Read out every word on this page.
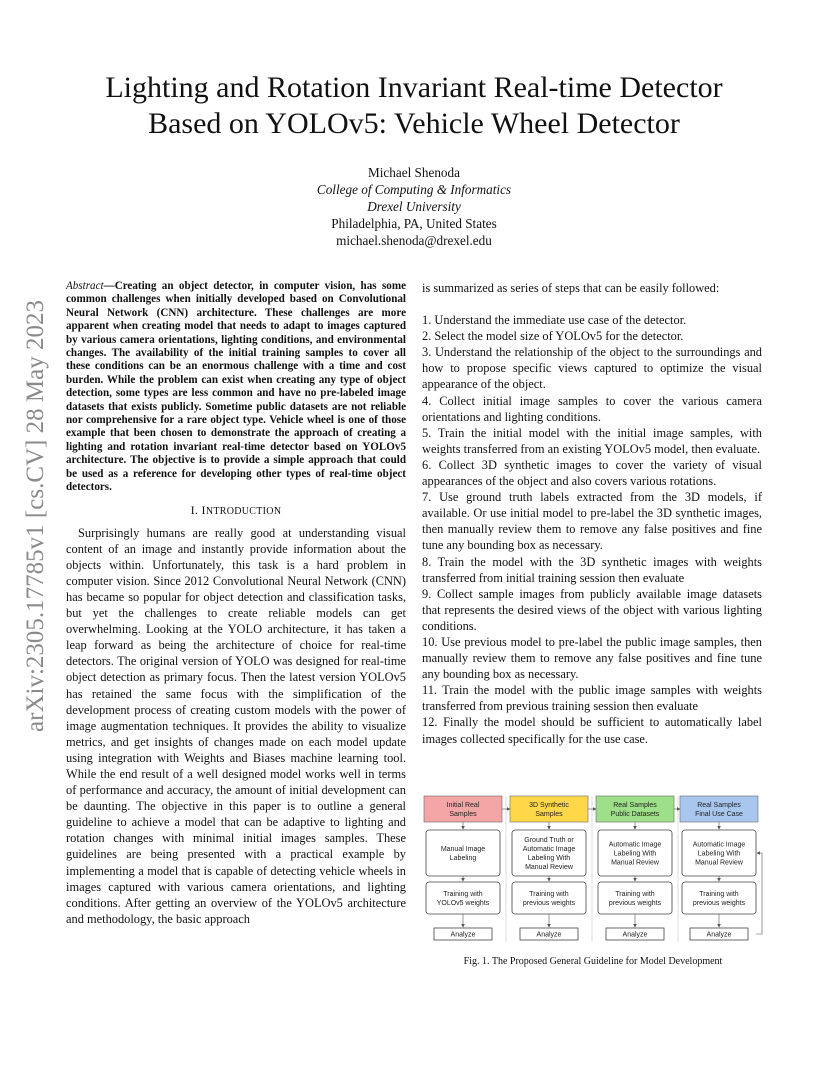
arXiv:2305.17785v1 [cs.CV] 28 May 2023
Lighting and Rotation Invariant Real-time Detector
Based on YOLOv5: Vehicle Wheel Detector
Michael Shenoda
College of Computing & Informatics
Drexel University
Philadelphia, PA, United States
michael.shenoda@drexel.edu

Abstract—Creating an object detector, in computer vision, has some common challenges when initially developed based on Convolutional Neural Network (CNN) architecture. These challenges are more apparent when creating model that needs to adapt to images captured by various camera orientations, lighting conditions, and environmental changes. The availability of the initial training samples to cover all these conditions can be an enormous challenge with a time and cost burden. While the problem can exist when creating any type of object detection, some types are less common and have no pre-labeled image datasets that exists publicly. Sometime public datasets are not reliable nor comprehensive for a rare object type. Vehicle wheel is one of those example that been chosen to demonstrate the approach of creating a lighting and rotation invariant real-time detector based on YOLOv5 architecture. The objective is to provide a simple approach that could be used as a reference for developing other types of real-time object detectors.

I. INTRODUCTION

Surprisingly humans are really good at understanding visual content of an image and instantly provide information about the objects within. Unfortunately, this task is a hard problem in computer vision. Since 2012 Convolutional Neural Network (CNN) has became so popular for object detection and classification tasks, but yet the challenges to create reliable models can get overwhelming. Looking at the YOLO architecture, it has taken a leap forward as being the architecture of choice for real-time detectors. The original version of YOLO was designed for real-time object detection as primary focus. Then the latest version YOLOv5 has retained the same focus with the simplification of the development process of creating custom models with the power of image augmentation techniques. It provides the ability to visualize metrics, and get insights of changes made on each model update using integration with Weights and Biases machine learning tool. While the end result of a well designed model works well in terms of performance and accuracy, the amount of initial development can be daunting. The objective in this paper is to outline a general guideline to achieve a model that can be adaptive to lighting and rotation changes with minimal initial images samples. These guidelines are being presented with a practical example by implementing a model that is capable of detecting vehicle wheels in images captured with various camera orientations, and lighting conditions. After getting an overview of the YOLOv5 architecture and methodology, the basic approach

is summarized as series of steps that can be easily followed:

1. Understand the immediate use case of the detector.
2. Select the model size of YOLOv5 for the detector.
3. Understand the relationship of the object to the surroundings and how to propose specific views captured to optimize the visual appearance of the object.
4. Collect initial image samples to cover the various camera orientations and lighting conditions.
5. Train the initial model with the initial image samples, with weights transferred from an existing YOLOv5 model, then evaluate.
6. Collect 3D synthetic images to cover the variety of visual appearances of the object and also covers various rotations.
7. Use ground truth labels extracted from the 3D models, if available. Or use initial model to pre-label the 3D synthetic images, then manually review them to remove any false positives and fine tune any bounding box as necessary.
8. Train the model with the 3D synthetic images with weights transferred from initial training session then evaluate
9. Collect sample images from publicly available image datasets that represents the desired views of the object with various lighting conditions.
10. Use previous model to pre-label the public image samples, then manually review them to remove any false positives and fine tune any bounding box as necessary.
11. Train the model with the public image samples with weights transferred from previous training session then evaluate
12. Finally the model should be sufficient to automatically label images collected specifically for the use case.
Initial Real
Samples
Manual Image
Labeling
Training with
YOLOv5 weights
Analyze
3D Synthetic
Samples
Ground Truth or
Automatic Image
Labeling With
Manual Review
Training with
previous weights
Analyze
Real Samples
Public Datasets
Automatic Image
Labeling With
Manual Review
Training with
previous weights
Analyze
Real Samples
Final Use Case
Automatic Image
Labeling With
Manual Review
Training with
previous weights
Analyze
Fig. 1. The Proposed General Guideline for Model Development
